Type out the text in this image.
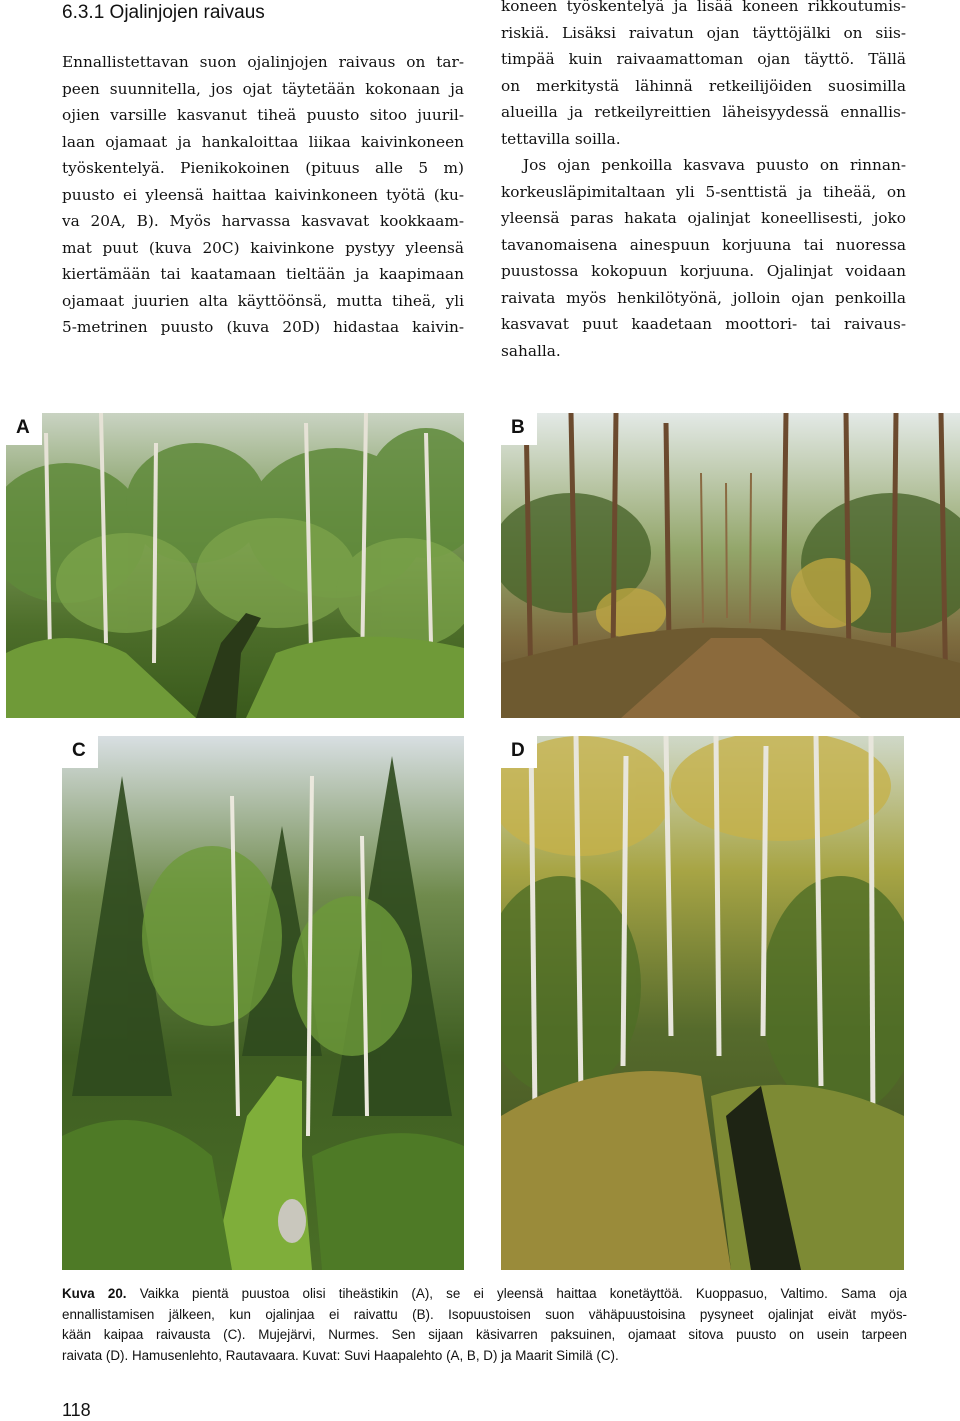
6.3.1 Ojalinjojen raivaus

Ennallistettavan suon ojalinjojen raivaus on tar-
peen suunnitella, jos ojat täytetään kokonaan ja
ojien varsille kasvanut tiheä puusto sitoo juuril-
laan ojamaat ja hankaloittaa liikaa kaivinkoneen
työskentelyä. Pienikokoinen (pituus alle 5 m)
puusto ei yleensä haittaa kaivinkoneen työtä (ku-
va 20A, B). Myös harvassa kasvavat kookkaam-
mat puut (kuva 20C) kaivinkone pystyy yleensä
kiertämään tai kaatamaan tieltään ja kaapimaan
ojamaat juurien alta käyttöönsä, mutta tiheä, yli
5-metrinen puusto (kuva 20D) hidastaa kaivin-

koneen työskentelyä ja lisää koneen rikkoutumis-
riskiä. Lisäksi raivatun ojan täyttöjälki on siis-
timpää kuin raivaamattoman ojan täyttö. Tällä
on merkitystä lähinnä retkeilijöiden suosimilla
alueilla ja retkeilyreittien läheisyydessä ennallis-
tettavilla soilla.

Jos ojan penkoilla kasvava puusto on rinnan-
korkeusläpimitaltaan yli 5-senttistä ja tiheää, on
yleensä paras hakata ojalinjat koneellisesti, joko
tavanomaisena ainespuun korjuuna tai nuoressa
puustossa kokopuun korjuuna. Ojalinjat voidaan
raivata myös henkilötyönä, jolloin ojan penkoilla
kasvavat puut kaadetaan moottori- tai raivaus-
sahalla.

A	B
C	D
Kuva 20. Vaikka pientä puustoa olisi tiheästikin (A), se ei yleensä haittaa konetäyttöä. Kuoppasuo, Valtimo. Sama oja
ennallistamisen jälkeen, kun ojalinjaa ei raivattu (B). Isopuustoisen suon vähäpuustoisina pysyneet ojalinjat eivät myös-
kään kaipaa raivausta (C). Mujejärvi, Nurmes. Sen sijaan käsivarren paksuinen, ojamaat sitova puusto on usein tarpeen
raivata (D). Hamusenlehto, Rautavaara. Kuvat: Suvi Haapalehto (A, B, D) ja Maarit Similä (C).
118
